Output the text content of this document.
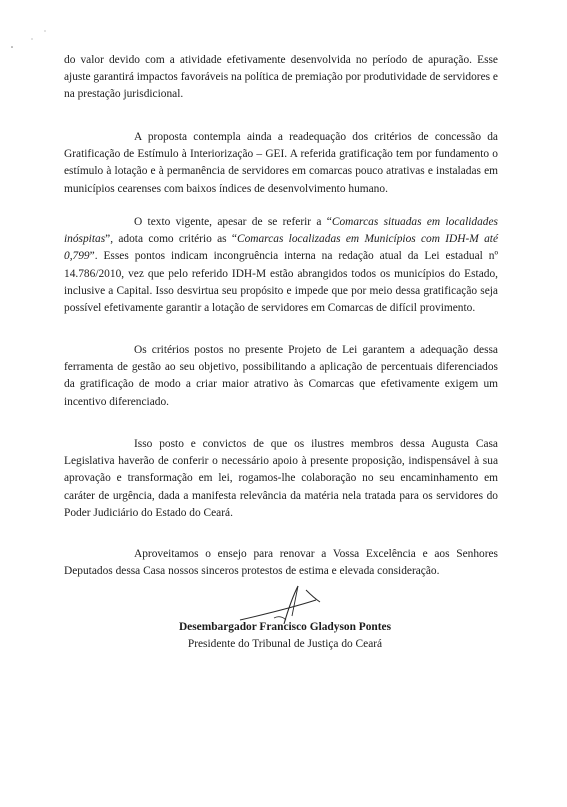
do valor devido com a atividade efetivamente desenvolvida no período de apuração. Esse ajuste garantirá impactos favoráveis na política de premiação por produtividade de servidores e na prestação jurisdicional.

A proposta contempla ainda a readequação dos critérios de concessão da Gratificação de Estímulo à Interiorização – GEI. A referida gratificação tem por fundamento o estímulo à lotação e à permanência de servidores em comarcas pouco atrativas e instaladas em municípios cearenses com baixos índices de desenvolvimento humano.

O texto vigente, apesar de se referir a “Comarcas situadas em localidades inóspitas”, adota como critério as “Comarcas localizadas em Municípios com IDH-M até 0,799”. Esses pontos indicam incongruência interna na redação atual da Lei estadual nº 14.786/2010, vez que pelo referido IDH-M estão abrangidos todos os municípios do Estado, inclusive a Capital. Isso desvirtua seu propósito e impede que por meio dessa gratificação seja possível efetivamente garantir a lotação de servidores em Comarcas de difícil provimento.

Os critérios postos no presente Projeto de Lei garantem a adequação dessa ferramenta de gestão ao seu objetivo, possibilitando a aplicação de percentuais diferenciados da gratificação de modo a criar maior atrativo às Comarcas que efetivamente exigem um incentivo diferenciado.

Isso posto e convictos de que os ilustres membros dessa Augusta Casa Legislativa haverão de conferir o necessário apoio à presente proposição, indispensável à sua aprovação e transformação em lei, rogamos-lhe colaboração no seu encaminhamento em caráter de urgência, dada a manifesta relevância da matéria nela tratada para os servidores do Poder Judiciário do Estado do Ceará.

Aproveitamos o ensejo para renovar a Vossa Excelência e aos Senhores Deputados dessa Casa nossos sinceros protestos de estima e elevada consideração.

Desembargador Francisco Gladyson Pontes
Presidente do Tribunal de Justiça do Ceará
